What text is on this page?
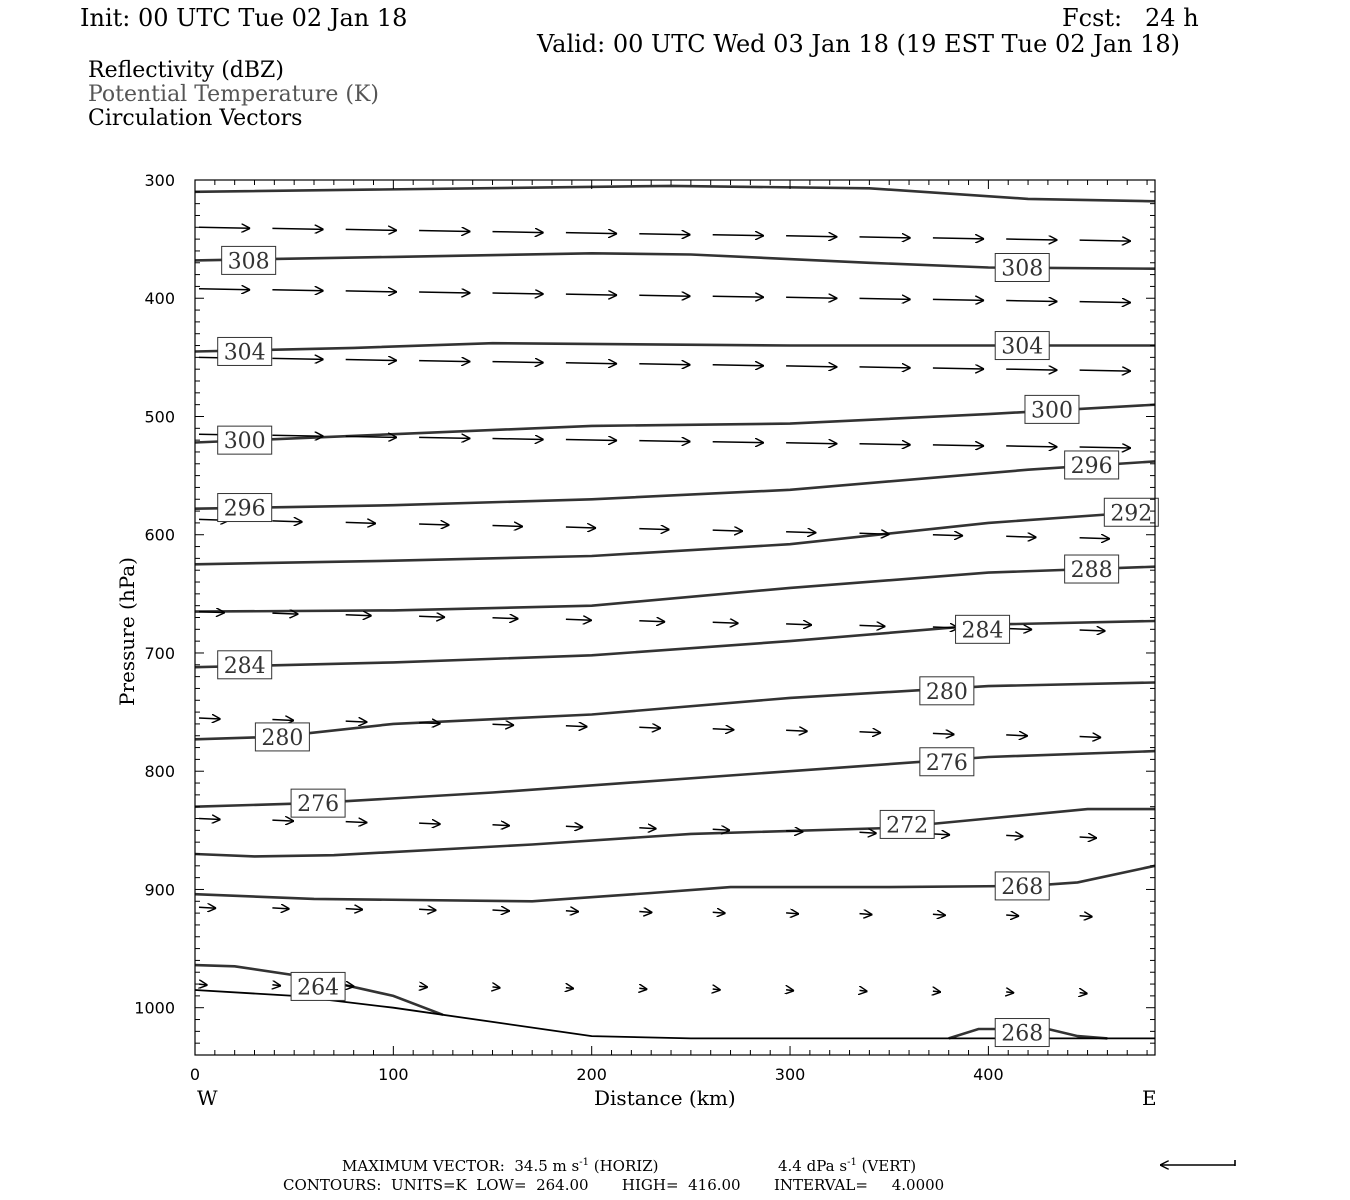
Init: 00 UTC Tue 02 Jan 18	Fcst:   24 h
Valid: 00 UTC Wed 03 Jan 18 (19 EST Tue 02 Jan 18)
Reflectivity (dBZ)
Potential Temperature (K)
Circulation Vectors
308	308
304	304
300
300
296
296
292
288
284
284
280
280
276
276
272
268
264
268
0	100	200	300	400
300
400
500
600
700
800
900
1000
Distance (km)
Pressure (hPa)
W	E
MAXIMUM VECTOR:  34.5 m $s^{-1}$ (HORIZ)	4.4 dPa $s^{-1}$ (VERT)
CONTOURS:  UNITS=K  LOW=  264.00       HIGH=  416.00       INTERVAL=     4.0000
